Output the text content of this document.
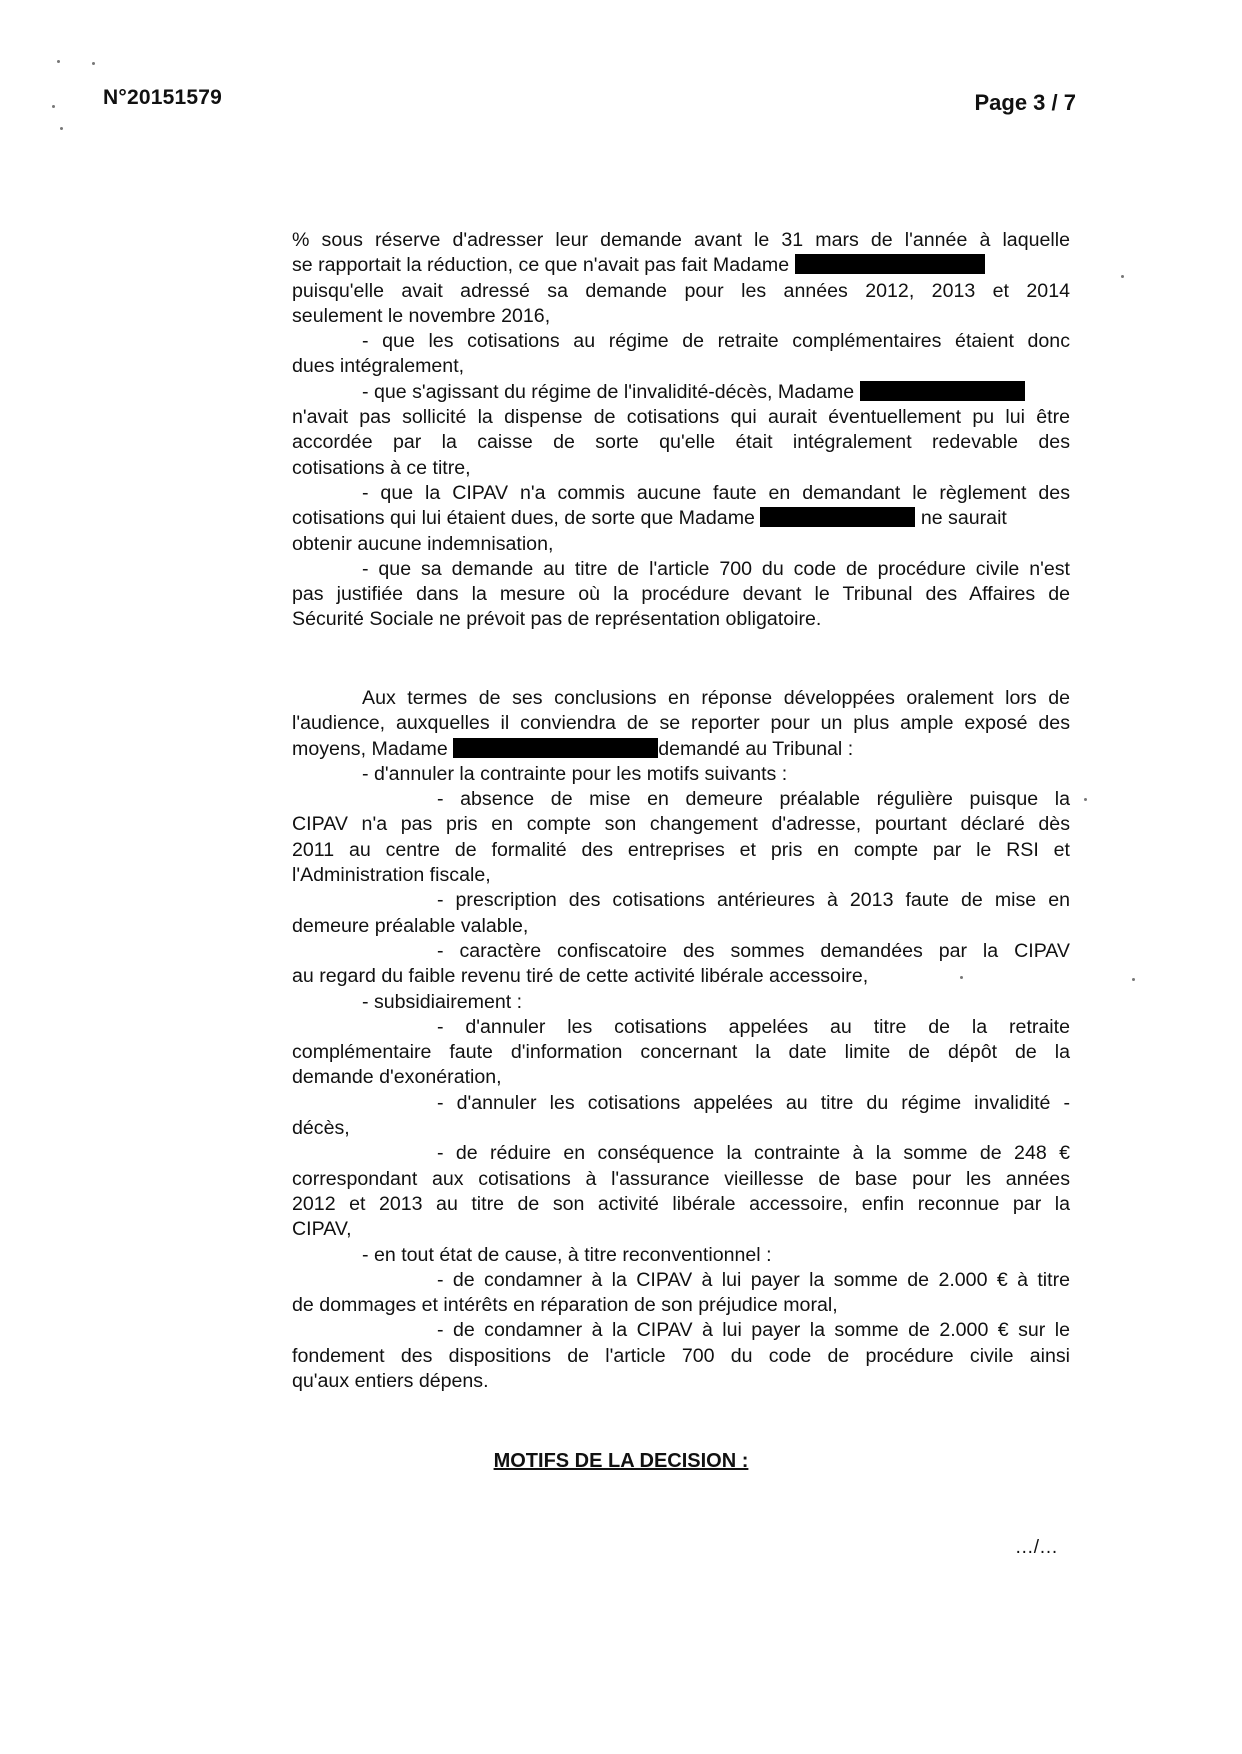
N°20151579	Page 3 / 7
% sous réserve d'adresser leur demande avant le 31 mars de l'année à laquelle
se rapportait la réduction, ce que n'avait pas fait Madame
puisqu'elle avait adressé sa demande pour les années 2012, 2013 et 2014
seulement le novembre 2016,
- que les cotisations au régime de retraite complémentaires étaient donc
dues intégralement,
- que s'agissant du régime de l'invalidité-décès, Madame
n'avait pas sollicité la dispense de cotisations qui aurait éventuellement pu lui être
accordée par la caisse de sorte qu'elle était intégralement redevable des
cotisations à ce titre,
- que la CIPAV n'a commis aucune faute en demandant le règlement des
cotisations qui lui étaient dues, de sorte que Madame	ne saurait
obtenir aucune indemnisation,
- que sa demande au titre de l'article 700 du code de procédure civile n'est
pas justifiée dans la mesure où la procédure devant le Tribunal des Affaires de
Sécurité Sociale ne prévoit pas de représentation obligatoire.
Aux termes de ses conclusions en réponse développées oralement lors de
l'audience, auxquelles il conviendra de se reporter pour un plus ample exposé des
moyens, Madame	demandé au Tribunal :
- d'annuler la contrainte pour les motifs suivants :
- absence de mise en demeure préalable régulière puisque la
CIPAV n'a pas pris en compte son changement d'adresse, pourtant déclaré dès
2011 au centre de formalité des entreprises et pris en compte par le RSI et
l'Administration fiscale,
- prescription des cotisations antérieures à 2013 faute de mise en
demeure préalable valable,
- caractère confiscatoire des sommes demandées par la CIPAV
au regard du faible revenu tiré de cette activité libérale accessoire,
- subsidiairement :
- d'annuler les cotisations appelées au titre de la retraite
complémentaire faute d'information concernant la date limite de dépôt de la
demande d'exonération,
- d'annuler les cotisations appelées au titre du régime invalidité -
décès,
- de réduire en conséquence la contrainte à la somme de 248 €
correspondant aux cotisations à l'assurance vieillesse de base pour les années
2012 et 2013 au titre de son activité libérale accessoire, enfin reconnue par la
CIPAV,
- en tout état de cause, à titre reconventionnel :
- de condamner à la CIPAV à lui payer la somme de 2.000 € à titre
de dommages et intérêts en réparation de son préjudice moral,
- de condamner à la CIPAV à lui payer la somme de 2.000 € sur le
fondement des dispositions de l'article 700 du code de procédure civile ainsi
qu'aux entiers dépens.
MOTIFS DE LA DECISION :
…/…
